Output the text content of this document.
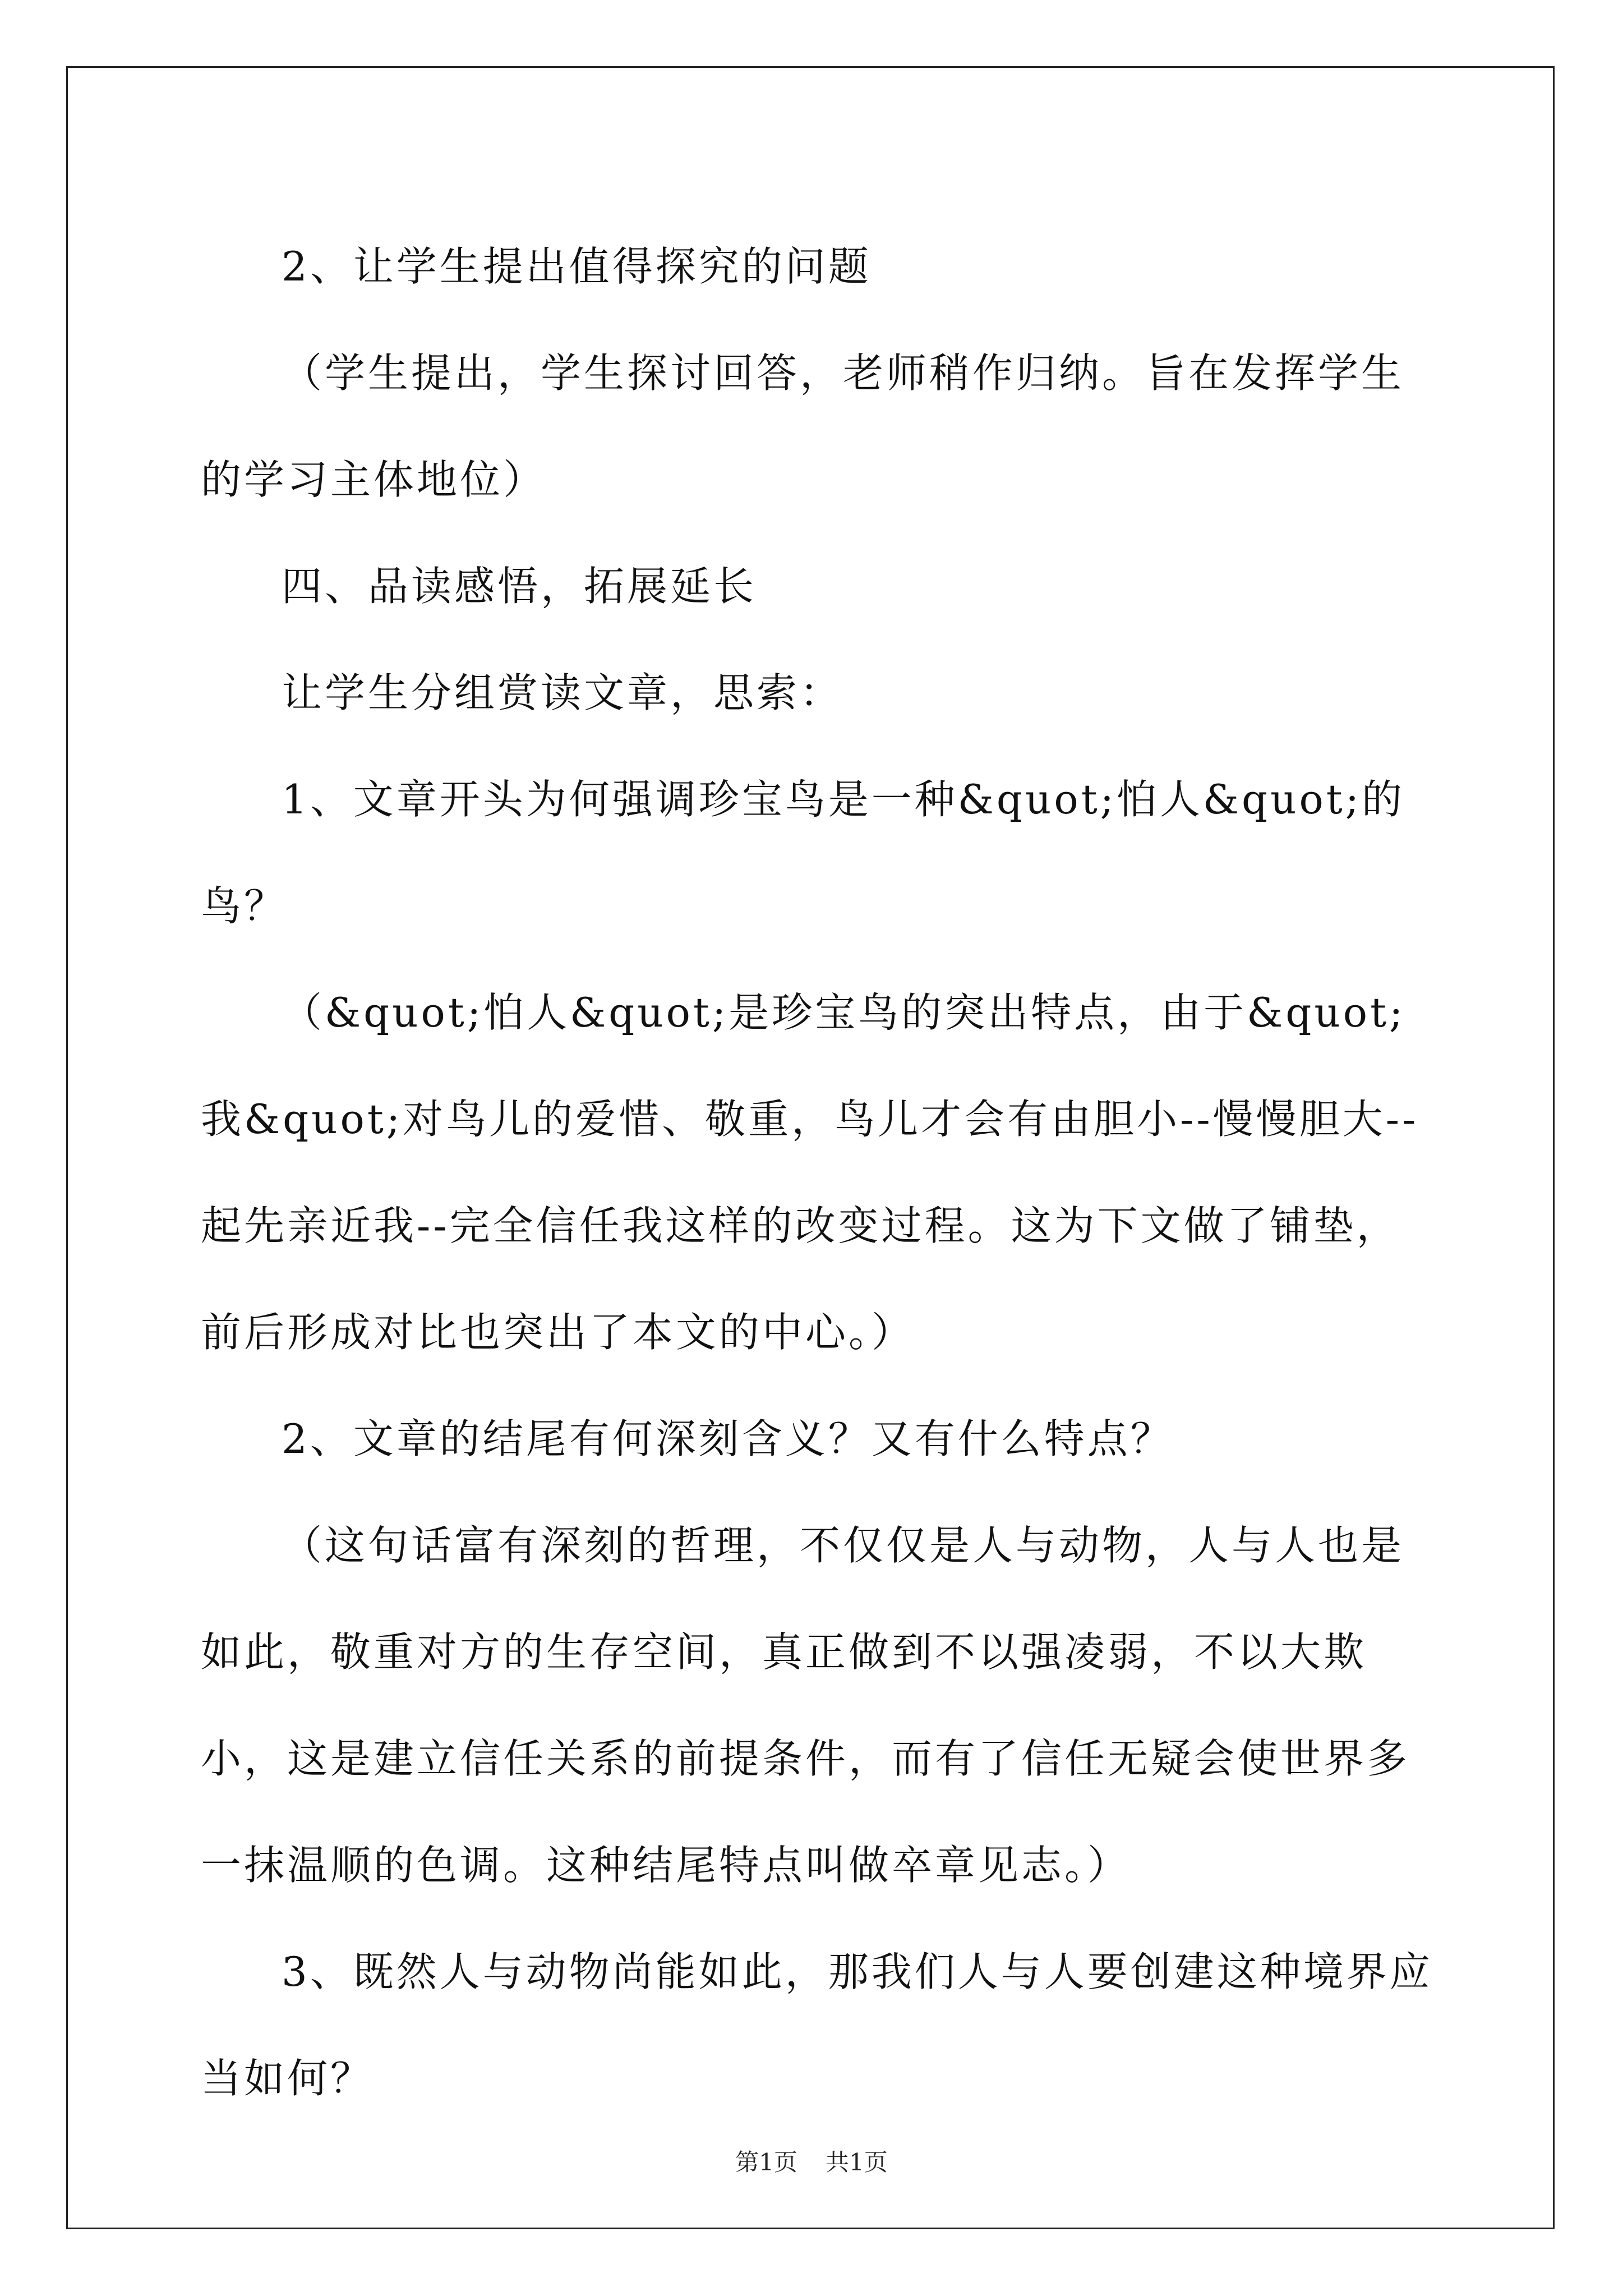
2、让学生提出值得探究的问题

（学生提出，学生探讨回答，老师稍作归纳。旨在发挥学生的学习主体地位）

四、品读感悟，拓展延长

让学生分组赏读文章，思索：

1、文章开头为何强调珍宝鸟是一种&quot;怕人&quot;的鸟？

（&quot;怕人&quot;是珍宝鸟的突出特点，由于&quot;我&quot;对鸟儿的爱惜、敬重，鸟儿才会有由胆小--慢慢胆大--起先亲近我--完全信任我这样的改变过程。这为下文做了铺垫，前后形成对比也突出了本文的中心。）

2、文章的结尾有何深刻含义？又有什么特点？

（这句话富有深刻的哲理，不仅仅是人与动物，人与人也是如此，敬重对方的生存空间，真正做到不以强凌弱，不以大欺小，这是建立信任关系的前提条件，而有了信任无疑会使世界多一抹温顺的色调。这种结尾特点叫做卒章见志。）

3、既然人与动物尚能如此，那我们人与人要创建这种境界应当如何？

第1页 共1页
